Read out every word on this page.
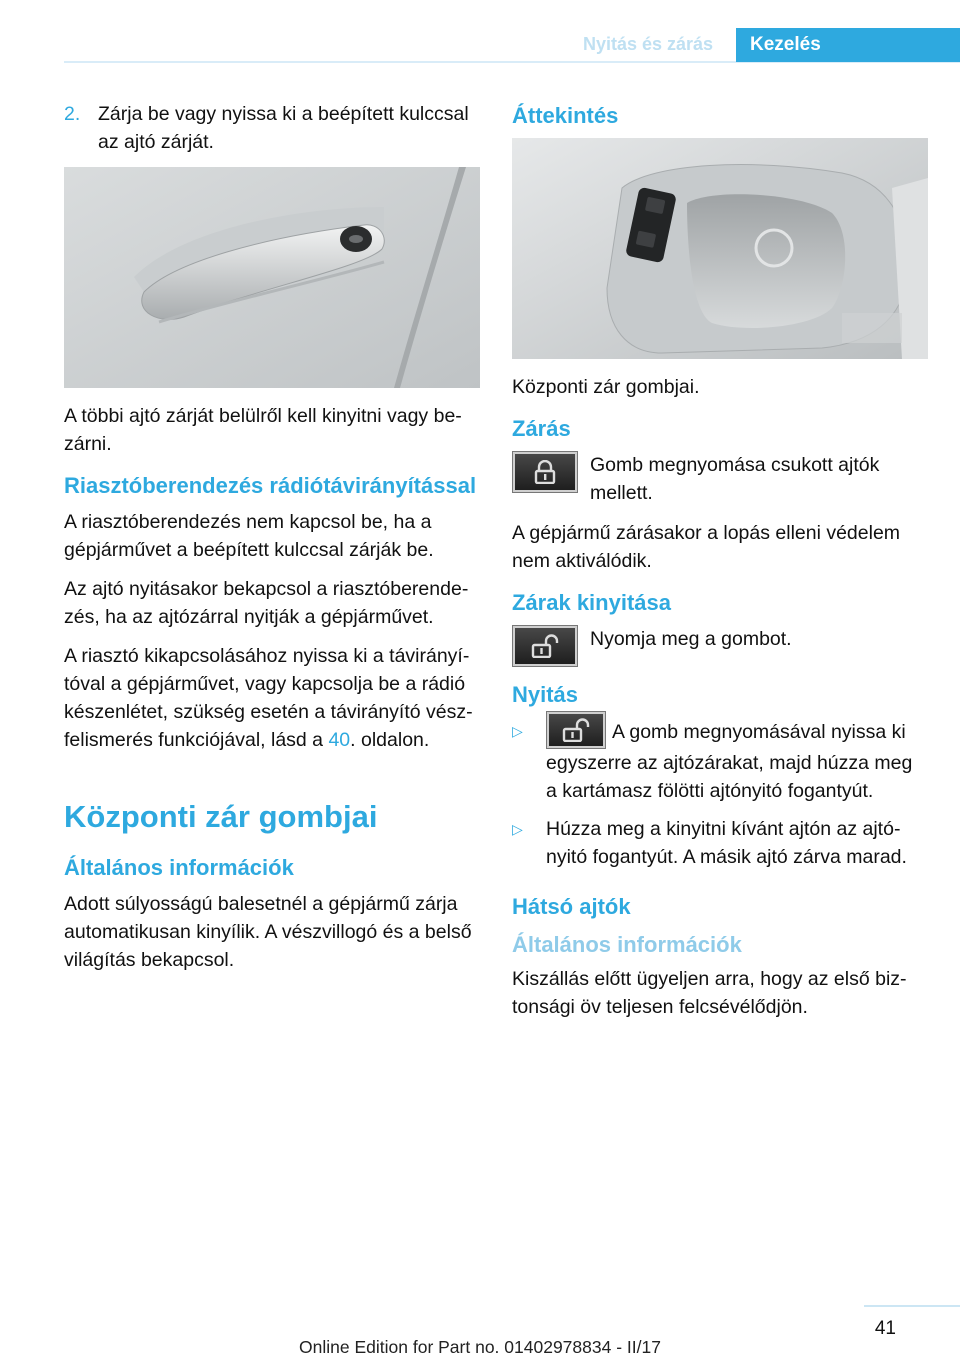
Nyitás és zárás	Kezelés

2. Zárja be vagy nyissa ki a beépített kulccsal az ajtó zárját.

A többi ajtó zárját belülről kell kinyitni vagy bezárni.

Riasztóberendezés rádiótávirányítással

A riasztóberendezés nem kapcsol be, ha a gépjárművet a beépített kulccsal zárják be.

Az ajtó nyitásakor bekapcsol a riasztóberendezés, ha az ajtózárral nyitják a gépjárművet.

A riasztó kikapcsolásához nyissa ki a távirányítóval a gépjárművet, vagy kapcsolja be a rádió készenlétet, szükség esetén a távirányító vészfelismerés funkciójával, lásd a 40. oldalon.

Központi zár gombjai
Általános információk

Adott súlyosságú balesetnél a gépjármű zárja automatikusan kinyílik. A vészvillogó és a belső világítás bekapcsol.

Áttekintés

Központi zár gombjai.

Zárás

Gomb megnyomása csukott ajtók mellett.

A gépjármű zárásakor a lopás elleni védelem nem aktiválódik.

Zárak kinyitása

Nyomja meg a gombot.

Nyitás
▷	A gomb megnyomásával nyissa ki egyszerre az ajtózárakat, majd húzza meg a kartámasz fölötti ajtónyitó fogantyút.
▷	Húzza meg a kinyitni kívánt ajtón az ajtónyitó fogantyút. A másik ajtó zárva marad.
Hátsó ajtók
Általános információk

Kiszállás előtt ügyeljen arra, hogy az első biztonsági öv teljesen felcsévélődjön.

41
Online Edition for Part no. 01402978834 - II/17
